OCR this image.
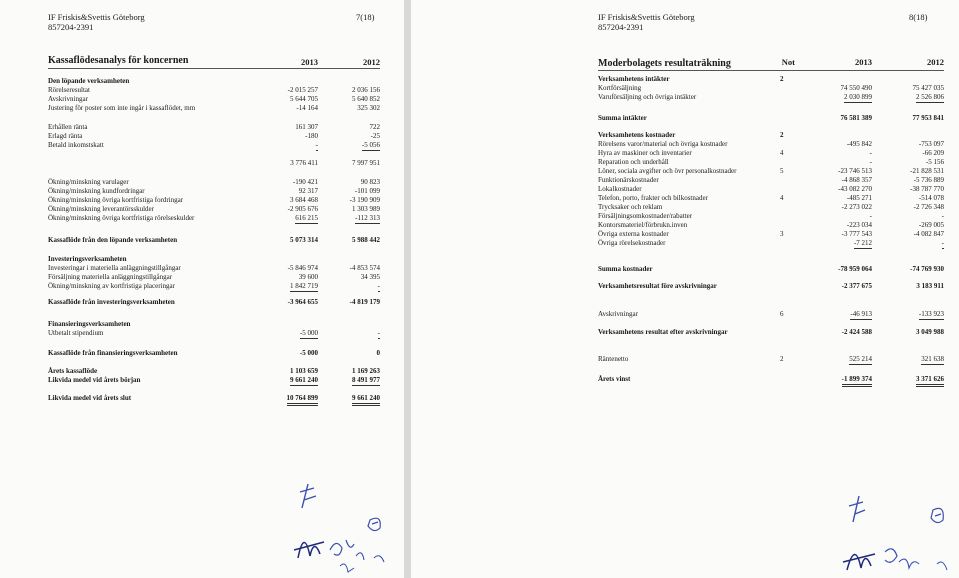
IF Friskis&Svettis Göteborg
857204-2391
7(18)
Kassaflödesanalys för koncernen	2013	2012
Den löpande verksamheten
Rörelseresultat	-2 015 257	2 036 156
Avskrivningar	5 644 705	5 640 852
Justering för poster som inte ingår i kassaflödet, mm	-14 164	325 302
Erhållen ränta	161 307	722
Erlagd ränta	-180	-25
Betald inkomstskatt	-	-5 056
3 776 411	7 997 951
Ökning/minskning varulager	-190 421	90 823
Ökning/minskning kundfordringar	92 317	-101 099
Ökning/minskning övriga kortfristiga fordringar	3 684 468	-3 190 909
Ökning/minskning leverantörsskulder	-2 905 676	1 303 989
Ökning/minskning övriga kortfristiga rörelseskulder	616 215	-112 313
Kassaflöde från den löpande verksamheten	5 073 314	5 988 442
Investeringsverksamheten
Investeringar i materiella anläggningstillgångar	-5 846 974	-4 853 574
Försäljning materiella anläggningstillgångar	39 600	34 395
Ökning/minskning av kortfristiga placeringar	1 842 719	-
Kassaflöde från investeringsverksamheten	-3 964 655	-4 819 179
Finansieringsverksamheten
Utbetalt stipendium	-5 000	-
Kassaflöde från finansieringsverksamheten	-5 000	0
Årets kassaflöde	1 103 659	1 169 263
Likvida medel vid årets början	9 661 240	8 491 977
Likvida medel vid årets slut	10 764 899	9 661 240
IF Friskis&Svettis Göteborg
857204-2391
8(18)
Moderbolagets resultaträkning	Not	2013	2012
Verksamhetens intäkter	2
Kortförsäljning	74 550 490	75 427 035
Varuförsäljning och övriga intäkter	2 030 899	2 526 806
Summa intäkter	76 581 389	77 953 841
Verksamhetens kostnader	2
Rörelsens varor/material och övriga kostnader	-495 842	-753 097
Hyra av maskiner och inventarier	4	-	-66 209
Reparation och underhåll	-	-5 156
Löner, sociala avgifter och övr personalkostnader	5	-23 746 513	-21 828 531
Funktionärskostnader	-4 868 357	-5 736 889
Lokalkostnader	-43 082 270	-38 787 770
Telefon, porto, frakter och bilkostnader	4	-485 271	-514 078
Trycksaker och reklam	-2 273 022	-2 726 348
Försäljningsomkostnader/rabatter	-	-
Kontorsmateriel/förbrukn.inven	-223 034	-269 005
Övriga externa kostnader	3	-3 777 543	-4 082 847
Övriga rörelsekostnader	-7 212	-
Summa kostnader	-78 959 064	-74 769 930
Verksamhetsresultat före avskrivningar	-2 377 675	3 183 911
Avskrivningar	6	-46 913	-133 923
Verksamhetens resultat efter avskrivningar	-2 424 588	3 049 988
Räntenetto	2	525 214	321 638
Årets vinst	-1 899 374	3 371 626
